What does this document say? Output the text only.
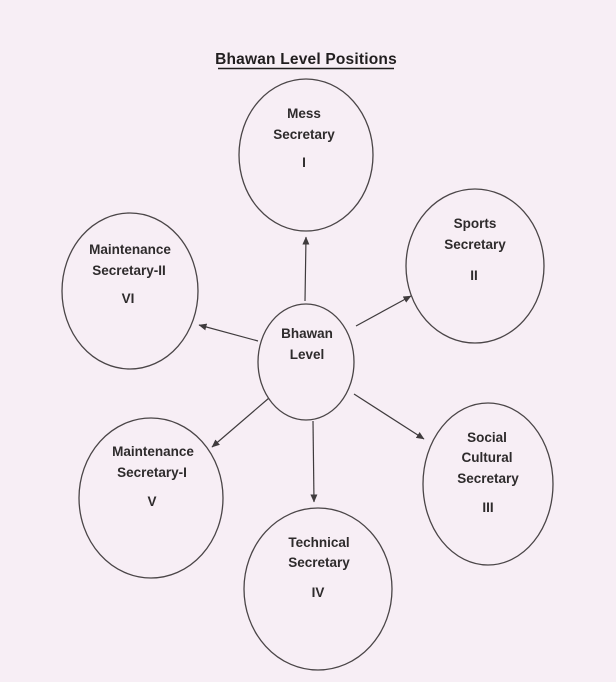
Bhawan Level Positions
Bhawan
Level
Mess
Secretary
I
Sports
Secretary
II
Maintenance
Secretary-II
VI
Maintenance
Secretary-I
V
Technical
Secretary
IV
Social
Cultural
Secretary
III
